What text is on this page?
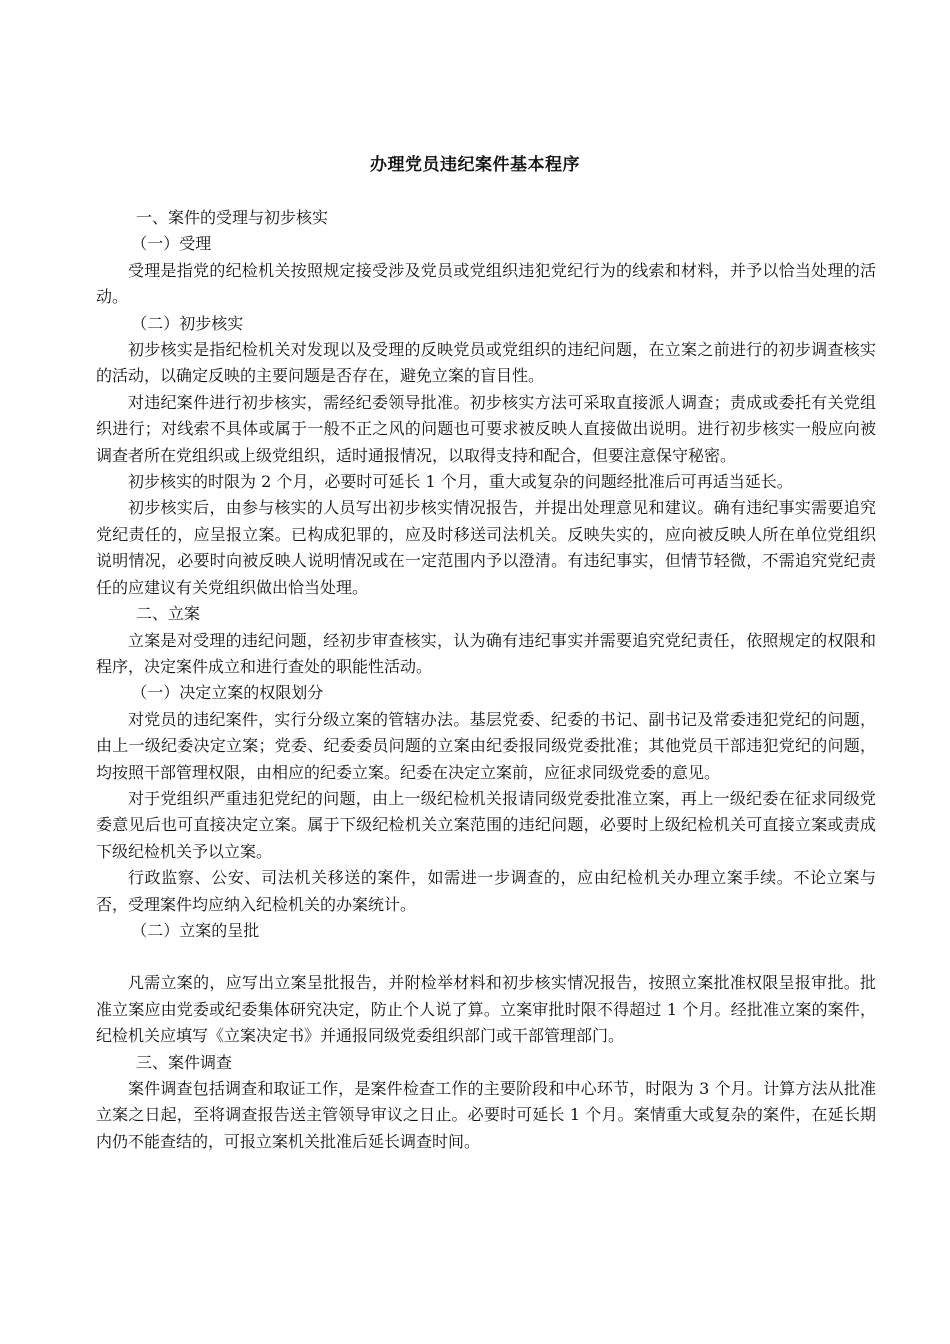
办理党员违纪案件基本程序

一、案件的受理与初步核实

（一）受理

受理是指党的纪检机关按照规定接受涉及党员或党组织违犯党纪行为的线索和材料，并予以恰当处理的活动。

（二）初步核实

初步核实是指纪检机关对发现以及受理的反映党员或党组织的违纪问题，在立案之前进行的初步调查核实的活动，以确定反映的主要问题是否存在，避免立案的盲目性。

对违纪案件进行初步核实，需经纪委领导批准。初步核实方法可采取直接派人调查；责成或委托有关党组织进行；对线索不具体或属于一般不正之风的问题也可要求被反映人直接做出说明。进行初步核实一般应向被调查者所在党组织或上级党组织，适时通报情况，以取得支持和配合，但要注意保守秘密。

初步核实的时限为 2 个月，必要时可延长 1 个月，重大或复杂的问题经批准后可再适当延长。

初步核实后，由参与核实的人员写出初步核实情况报告，并提出处理意见和建议。确有违纪事实需要追究党纪责任的，应呈报立案。已构成犯罪的，应及时移送司法机关。反映失实的，应向被反映人所在单位党组织说明情况，必要时向被反映人说明情况或在一定范围内予以澄清。有违纪事实，但情节轻微，不需追究党纪责任的应建议有关党组织做出恰当处理。

二、立案

立案是对受理的违纪问题，经初步审查核实，认为确有违纪事实并需要追究党纪责任，依照规定的权限和程序，决定案件成立和进行查处的职能性活动。

（一）决定立案的权限划分

对党员的违纪案件，实行分级立案的管辖办法。基层党委、纪委的书记、副书记及常委违犯党纪的问题，由上一级纪委决定立案；党委、纪委委员问题的立案由纪委报同级党委批准；其他党员干部违犯党纪的问题，均按照干部管理权限，由相应的纪委立案。纪委在决定立案前，应征求同级党委的意见。

对于党组织严重违犯党纪的问题，由上一级纪检机关报请同级党委批准立案，再上一级纪委在征求同级党委意见后也可直接决定立案。属于下级纪检机关立案范围的违纪问题，必要时上级纪检机关可直接立案或责成下级纪检机关予以立案。

行政监察、公安、司法机关移送的案件，如需进一步调查的，应由纪检机关办理立案手续。不论立案与否，受理案件均应纳入纪检机关的办案统计。

（二）立案的呈批

凡需立案的，应写出立案呈批报告，并附检举材料和初步核实情况报告，按照立案批准权限呈报审批。批准立案应由党委或纪委集体研究决定，防止个人说了算。立案审批时限不得超过 1 个月。经批准立案的案件，纪检机关应填写《立案决定书》并通报同级党委组织部门或干部管理部门。

三、案件调查

案件调查包括调查和取证工作，是案件检查工作的主要阶段和中心环节，时限为 3 个月。计算方法从批准立案之日起，至将调查报告送主管领导审议之日止。必要时可延长 1 个月。案情重大或复杂的案件，在延长期内仍不能查结的，可报立案机关批准后延长调查时间。
